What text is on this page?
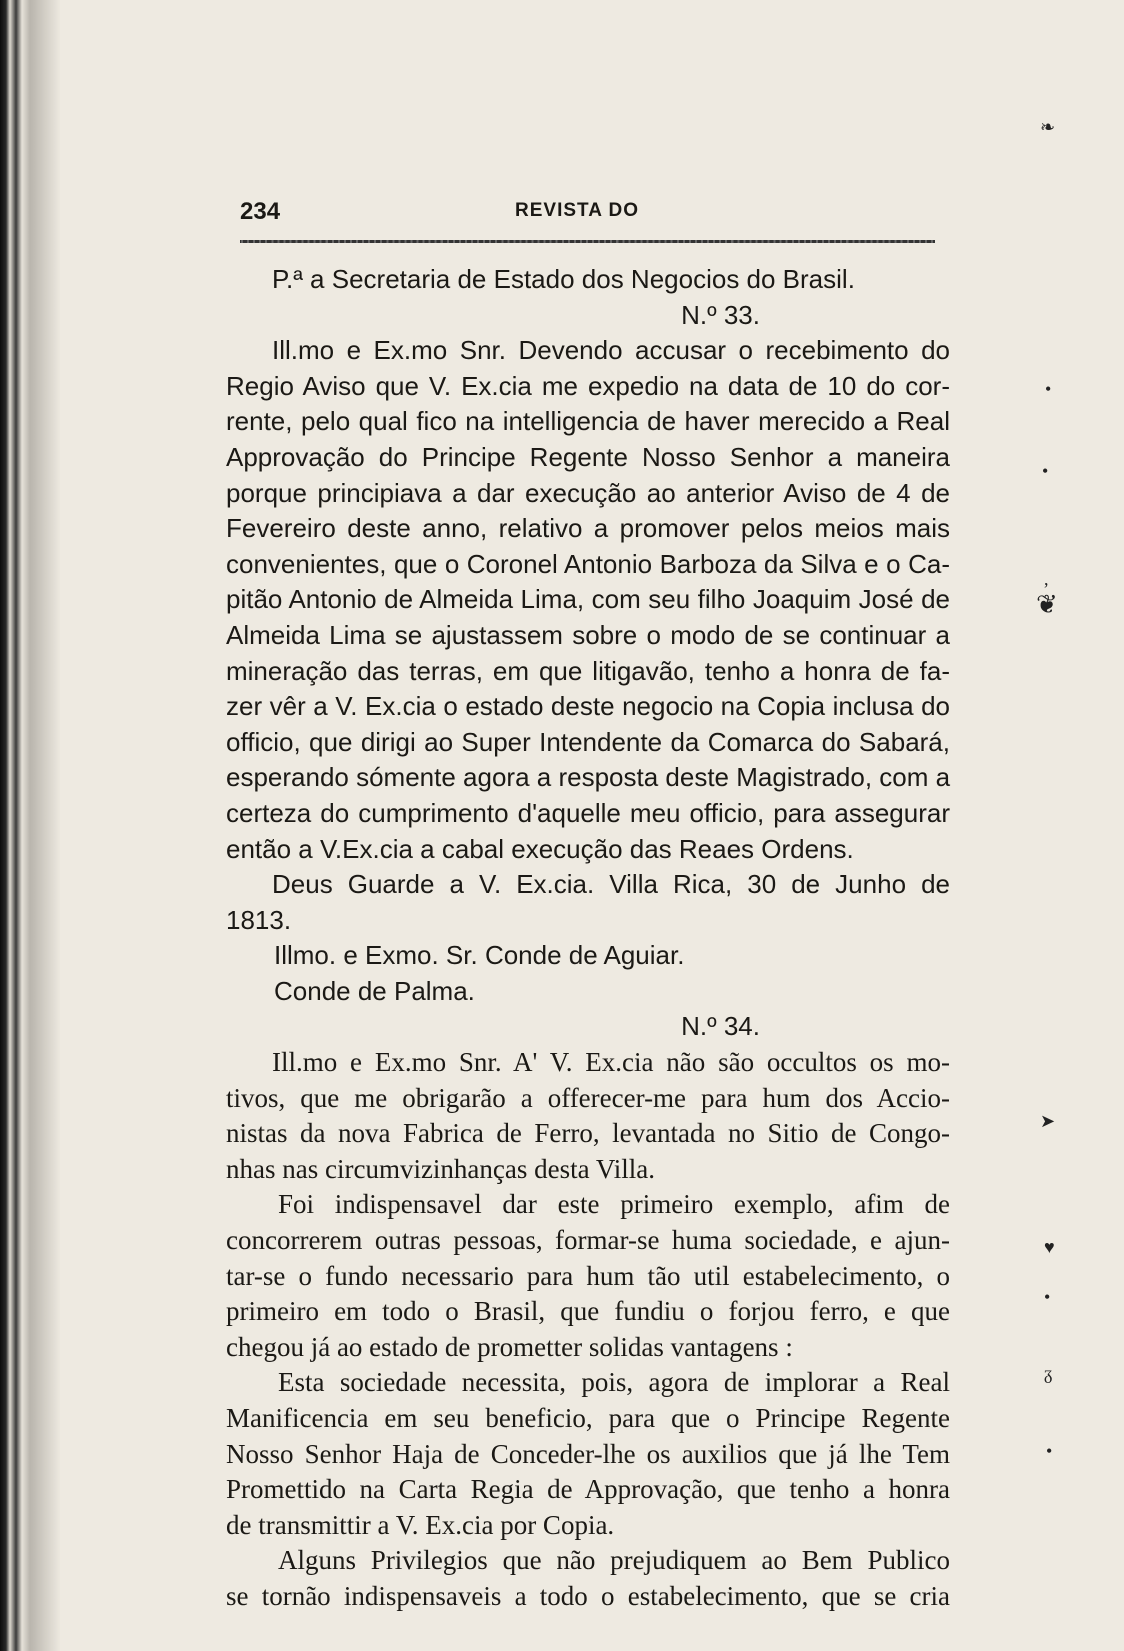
❧
•
•
,
❦
➤
♥
•
ᵹ
•
234	REVISTA DO
P.ª a Secretaria de Estado dos Negocios do Brasil.
N.º 33.
Ill.mo e Ex.mo Snr. Devendo accusar o recebimento do
Regio Aviso que V. Ex.cia me expedio na data de 10 do cor-
rente, pelo qual fico na intelligencia de haver merecido a Real
Approvação do Principe Regente Nosso Senhor a maneira
porque principiava a dar execução ao anterior Aviso de 4 de
Fevereiro deste anno, relativo a promover pelos meios mais
convenientes, que o Coronel Antonio Barboza da Silva e o Ca-
pitão Antonio de Almeida Lima, com seu filho Joaquim José de
Almeida Lima se ajustassem sobre o modo de se continuar a
mineração das terras, em que litigavão, tenho a honra de fa-
zer vêr a V. Ex.cia o estado deste negocio na Copia inclusa do
officio, que dirigi ao Super Intendente da Comarca do Sabará,
esperando sómente agora a resposta deste Magistrado, com a
certeza do cumprimento d'aquelle meu officio, para assegurar
então a V.Ex.cia a cabal execução das Reaes Ordens.
Deus Guarde a V. Ex.cia. Villa Rica, 30 de Junho de
1813.
Illmo. e Exmo. Sr. Conde de Aguiar.
Conde de Palma.
N.º 34.
Ill.mo e Ex.mo Snr. A' V. Ex.cia não são occultos os mo-
tivos, que me obrigarão a offerecer-me para hum dos Accio-
nistas da nova Fabrica de Ferro, levantada no Sitio de Congo-
nhas nas circumvizinhanças desta Villa.
Foi indispensavel dar este primeiro exemplo, afim de
concorrerem outras pessoas, formar-se huma sociedade, e ajun-
tar-se o fundo necessario para hum tão util estabelecimento, o
primeiro em todo o Brasil, que fundiu o forjou ferro, e que
chegou já ao estado de prometter solidas vantagens :
Esta sociedade necessita, pois, agora de implorar a Real
Manificencia em seu beneficio, para que o Principe Regente
Nosso Senhor Haja de Conceder-lhe os auxilios que já lhe Tem
Promettido na Carta Regia de Approvação, que tenho a honra
de transmittir a V. Ex.cia por Copia.
Alguns Privilegios que não prejudiquem ao Bem Publico
se tornão indispensaveis a todo o estabelecimento, que se cria
